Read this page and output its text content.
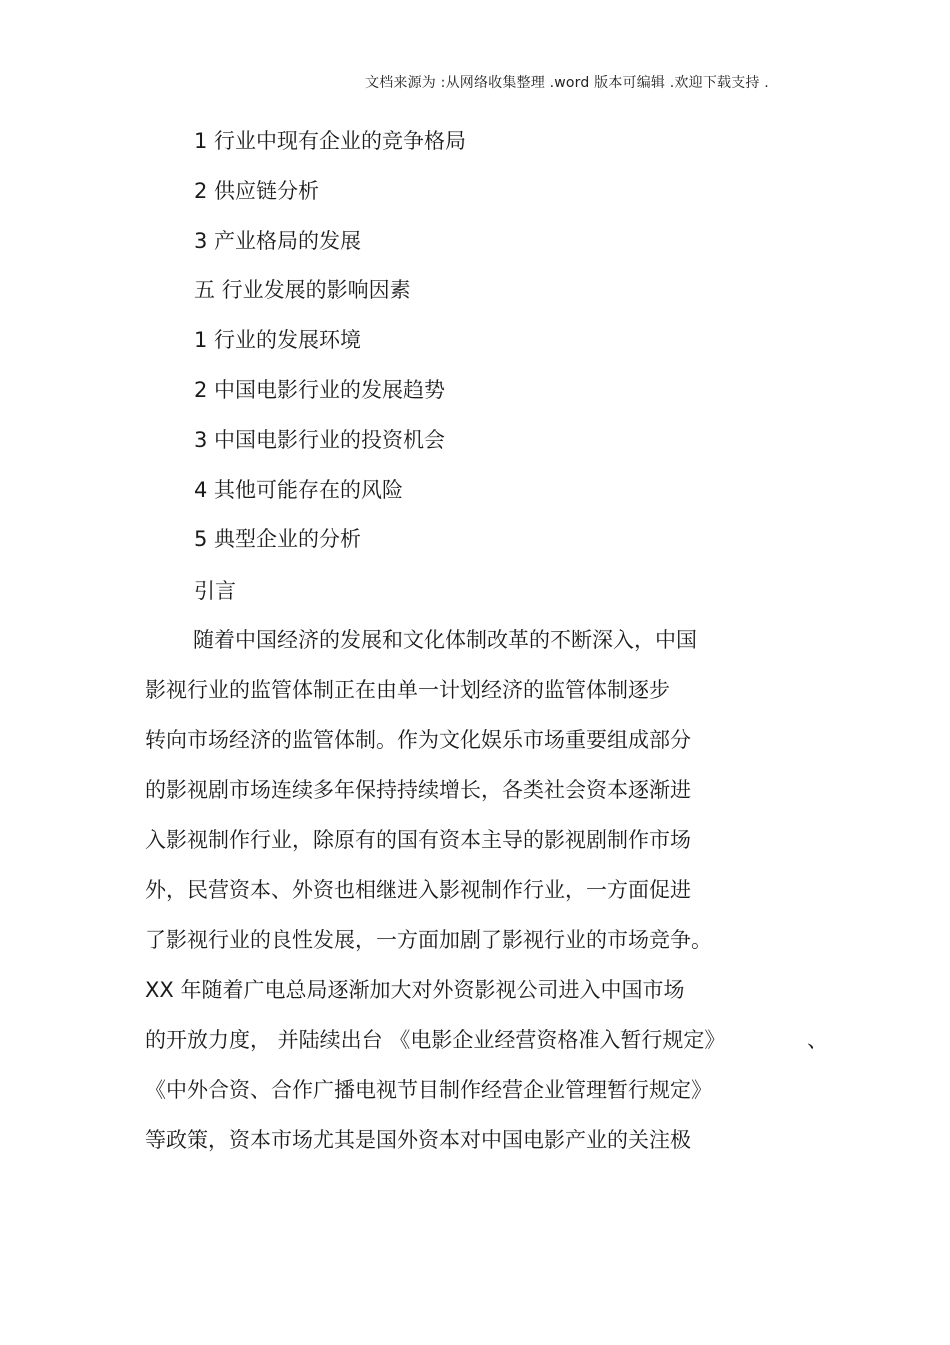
文档来源为 :从网络收集整理 .word 版本可编辑 .欢迎下载支持 .
1 行业中现有企业的竞争格局
2 供应链分析
3 产业格局的发展
五 行业发展的影响因素
1 行业的发展环境
2 中国电影行业的发展趋势
3 中国电影行业的投资机会
4 其他可能存在的风险
5 典型企业的分析
引言
随着中国经济的发展和文化体制改革的不断深入，中国
影视行业的监管体制正在由单一计划经济的监管体制逐步
转向市场经济的监管体制。作为文化娱乐市场重要组成部分
的影视剧市场连续多年保持持续增长，各类社会资本逐渐进
入影视制作行业，除原有的国有资本主导的影视剧制作市场
外，民营资本、外资也相继进入影视制作行业，一方面促进
了影视行业的良性发展，一方面加剧了影视行业的市场竞争。
XX 年随着广电总局逐渐加大对外资影视公司进入中国市场
的开放力度， 并陆续出台 《电影企业经营资格准入暂行规定》	、
《中外合资、合作广播电视节目制作经营企业管理暂行规定》
等政策，资本市场尤其是国外资本对中国电影产业的关注极
